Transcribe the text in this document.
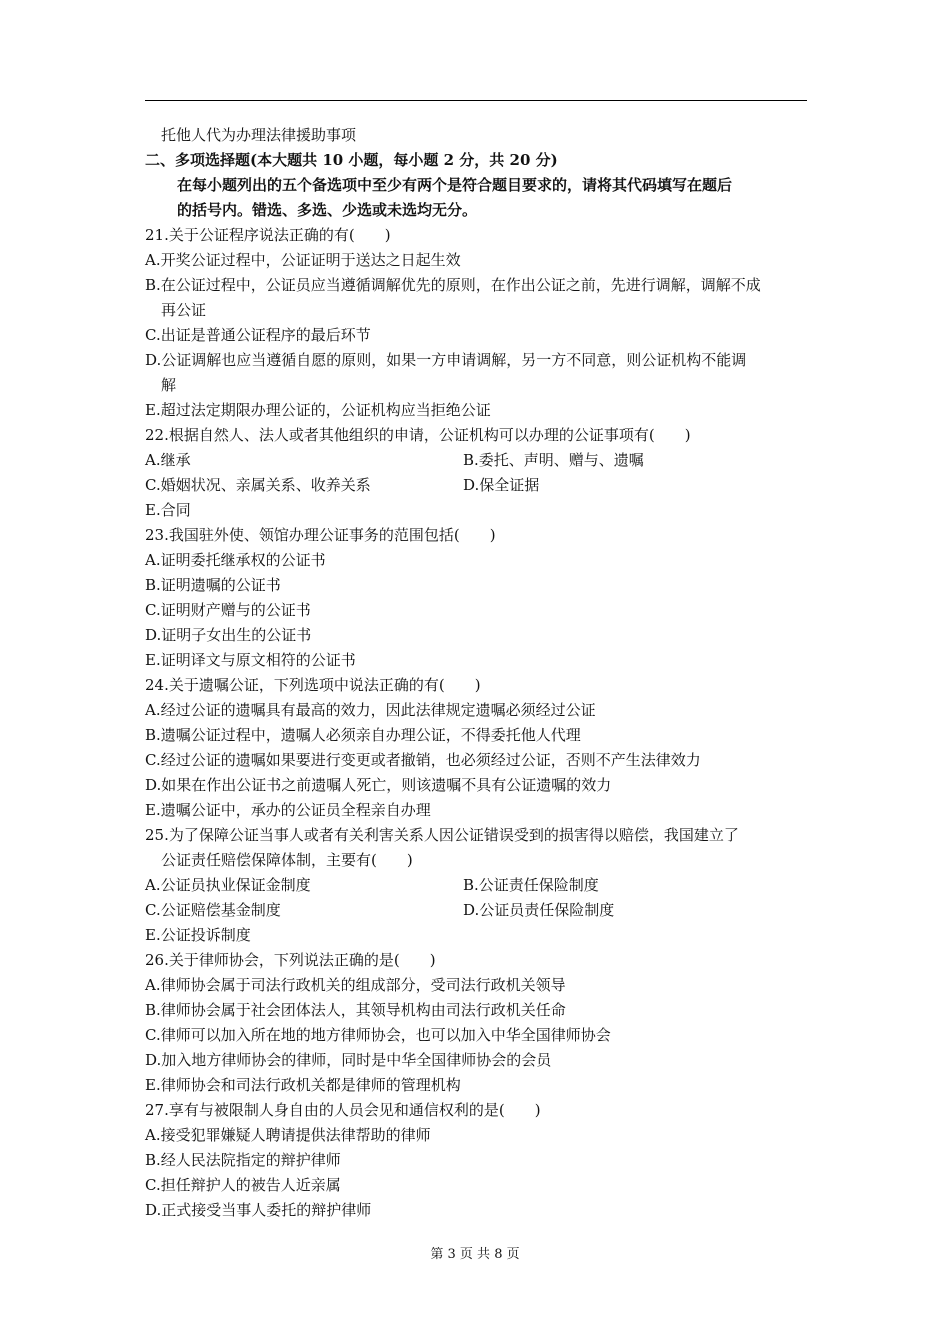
托他人代为办理法律援助事项
二、多项选择题(本大题共 10 小题，每小题 2 分，共 20 分)
在每小题列出的五个备选项中至少有两个是符合题目要求的，请将其代码填写在题后
的括号内。错选、多选、少选或未选均无分。
21.关于公证程序说法正确的有(　　)
A.开奖公证过程中，公证证明于送达之日起生效
B.在公证过程中，公证员应当遵循调解优先的原则，在作出公证之前，先进行调解，调解不成
再公证
C.出证是普通公证程序的最后环节
D.公证调解也应当遵循自愿的原则，如果一方申请调解，另一方不同意，则公证机构不能调
解
E.超过法定期限办理公证的，公证机构应当拒绝公证
22.根据自然人、法人或者其他组织的申请，公证机构可以办理的公证事项有(　　)
A.继承	B.委托、声明、赠与、遗嘱
C.婚姻状况、亲属关系、收养关系	D.保全证据
E.合同
23.我国驻外使、领馆办理公证事务的范围包括(　　)
A.证明委托继承权的公证书
B.证明遗嘱的公证书
C.证明财产赠与的公证书
D.证明子女出生的公证书
E.证明译文与原文相符的公证书
24.关于遗嘱公证，下列选项中说法正确的有(　　)
A.经过公证的遗嘱具有最高的效力，因此法律规定遗嘱必须经过公证
B.遗嘱公证过程中，遗嘱人必须亲自办理公证，不得委托他人代理
C.经过公证的遗嘱如果要进行变更或者撤销，也必须经过公证，否则不产生法律效力
D.如果在作出公证书之前遗嘱人死亡，则该遗嘱不具有公证遗嘱的效力
E.遗嘱公证中，承办的公证员全程亲自办理
25.为了保障公证当事人或者有关利害关系人因公证错误受到的损害得以赔偿，我国建立了
公证责任赔偿保障体制，主要有(　　)
A.公证员执业保证金制度	B.公证责任保险制度
C.公证赔偿基金制度	D.公证员责任保险制度
E.公证投诉制度
26.关于律师协会，下列说法正确的是(　　)
A.律师协会属于司法行政机关的组成部分，受司法行政机关领导
B.律师协会属于社会团体法人，其领导机构由司法行政机关任命
C.律师可以加入所在地的地方律师协会，也可以加入中华全国律师协会
D.加入地方律师协会的律师，同时是中华全国律师协会的会员
E.律师协会和司法行政机关都是律师的管理机构
27.享有与被限制人身自由的人员会见和通信权利的是(　　)
A.接受犯罪嫌疑人聘请提供法律帮助的律师
B.经人民法院指定的辩护律师
C.担任辩护人的被告人近亲属
D.正式接受当事人委托的辩护律师
第 3 页 共 8 页
